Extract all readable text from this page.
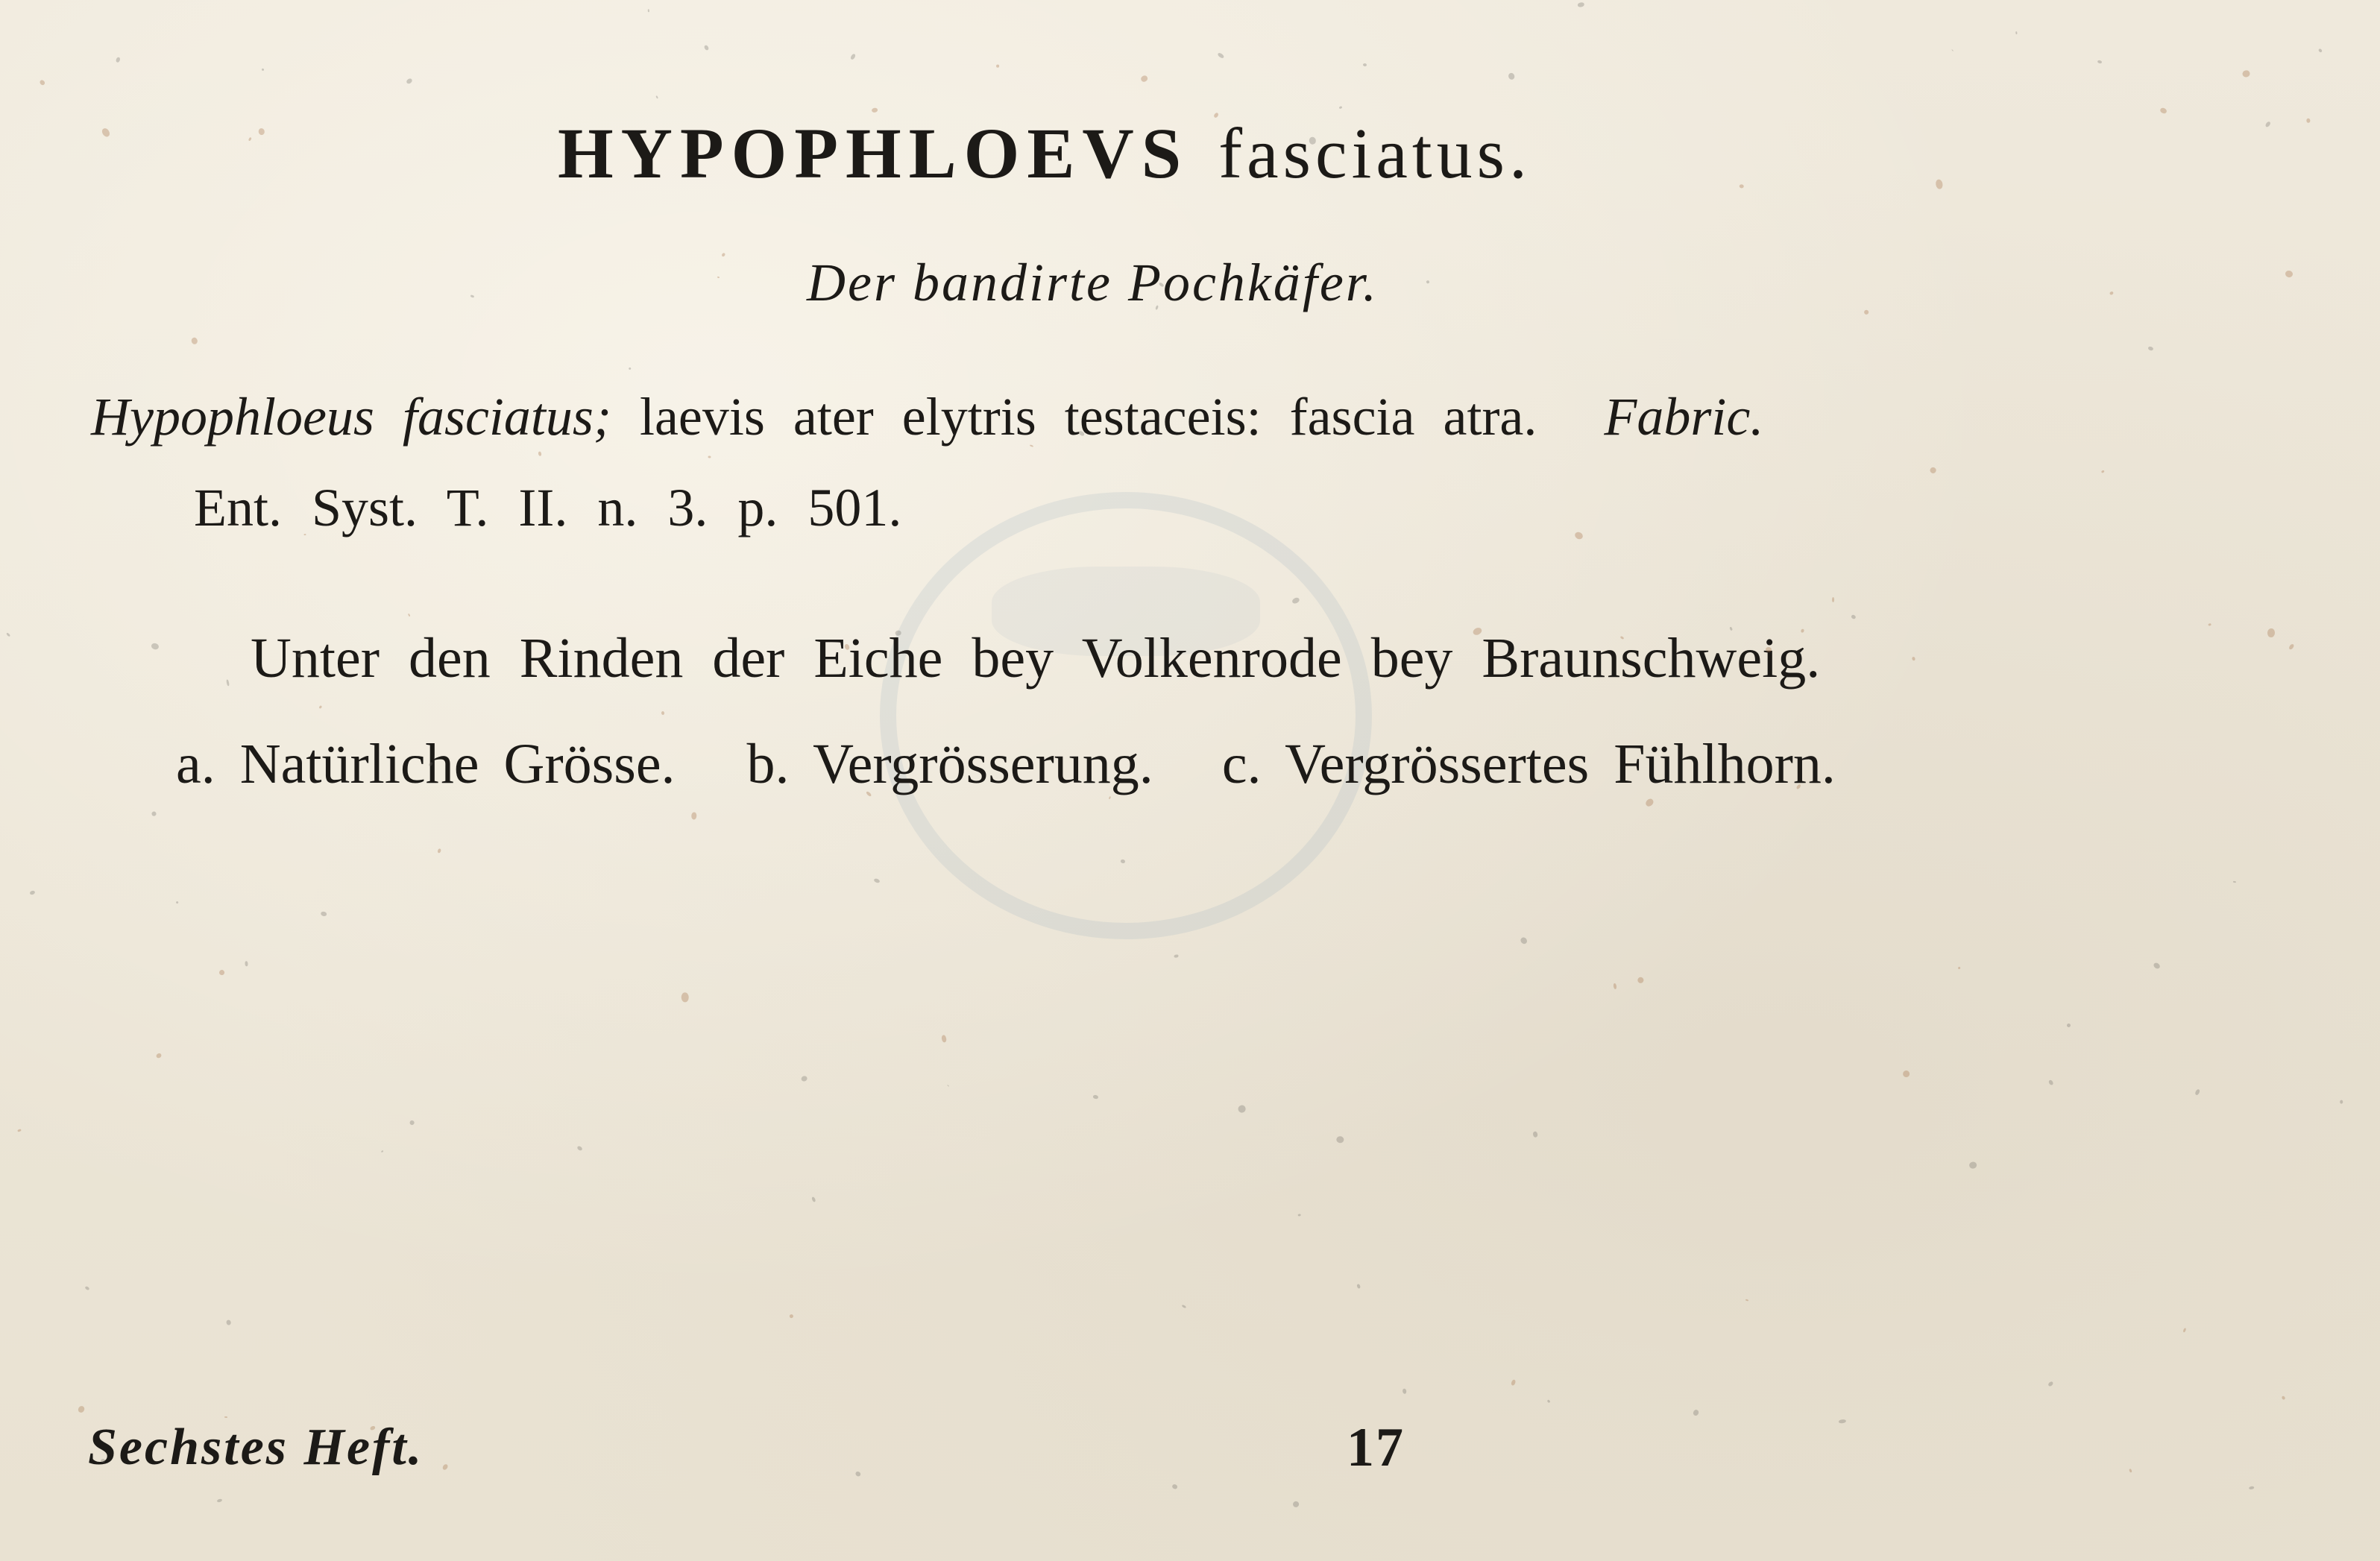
HYPOPHLOEVS fasciatus.
Der bandirte Pochkäfer.
Hypophloeus fasciatus; laevis ater elytris testaceis: fascia atra. Fabric.
Ent. Syst. T. II. n. 3. p. 501.
Unter den Rinden der Eiche bey Volkenrode bey Braunschweig.
a. Natürliche Grösse. b. Vergrösserung. c. Vergrössertes Fühlhorn.
Sechstes Heft.	17
